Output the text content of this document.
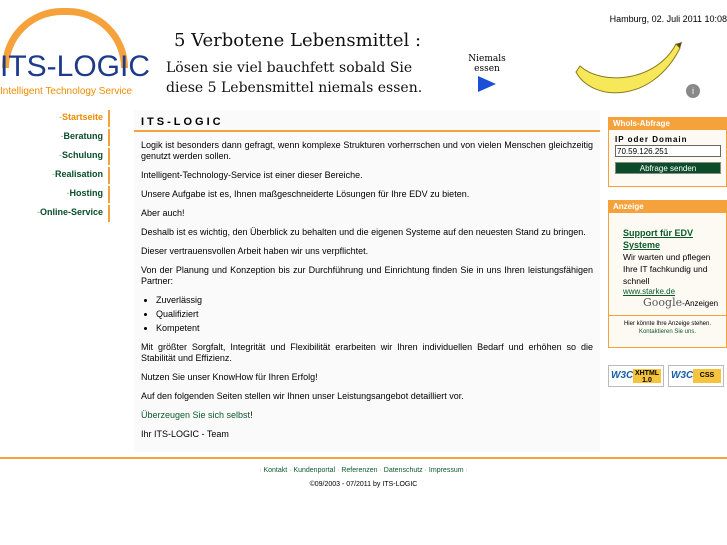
ITS-LOGIC
Intelligent Technology Service
5 Verbotene Lebensmittel :
Lösen sie viel bauchfett sobald Sie
diese 5 Lebensmittel niemals essen.
Niemals
essen
i
Hamburg, 02. Juli 2011 10:08
-Startseite
-Beratung
-Schulung
-Realisation
-Hosting
-Online-Service
ITS-LOGIC

Logik ist besonders dann gefragt, wenn komplexe Strukturen vorherrschen und von vielen Menschen gleichzeitig genutzt werden sollen.

Intelligent-Technology-Service ist einer dieser Bereiche.

Unsere Aufgabe ist es, Ihnen maßgeschneiderte Lösungen für Ihre EDV zu bieten.

Aber auch!

Deshalb ist es wichtig, den Überblick zu behalten und die eigenen Systeme auf den neuesten Stand zu bringen.

Dieser vertrauensvollen Arbeit haben wir uns verpflichtet.

Von der Planung und Konzeption bis zur Durchführung und Einrichtung finden Sie in uns Ihren leistungsfähigen Partner:

• Zuverlässig
• Qualifiziert
• Kompetent

Mit größter Sorgfalt, Integrität und Flexibilität erarbeiten wir Ihren individuellen Bedarf und erhöhen so die Stabilität und Effizienz.

Nutzen Sie unser KnowHow für Ihren Erfolg!

Auf den folgenden Seiten stellen wir Ihnen unser Leistungsangebot detailliert vor.

Überzeugen Sie sich selbst!

Ihr ITS-LOGIC - Team

WhoIs-Abfrage
IP oder Domain
70.59.126.251
Abfrage senden
Anzeige
Support für EDV Systeme
Wir warten und pflegen Ihre IT fachkundig und schnell
www.starke.de
Google-Anzeigen
Hier könnte Ihre Anzeige stehen.
Kontaktieren Sie uns.
W3C XHTML
1.0	W3C CSS
· Kontakt · Kundenportal · Referenzen · Datenschutz · Impressum ·
©09/2003 - 07/2011 by ITS-LOGIC
